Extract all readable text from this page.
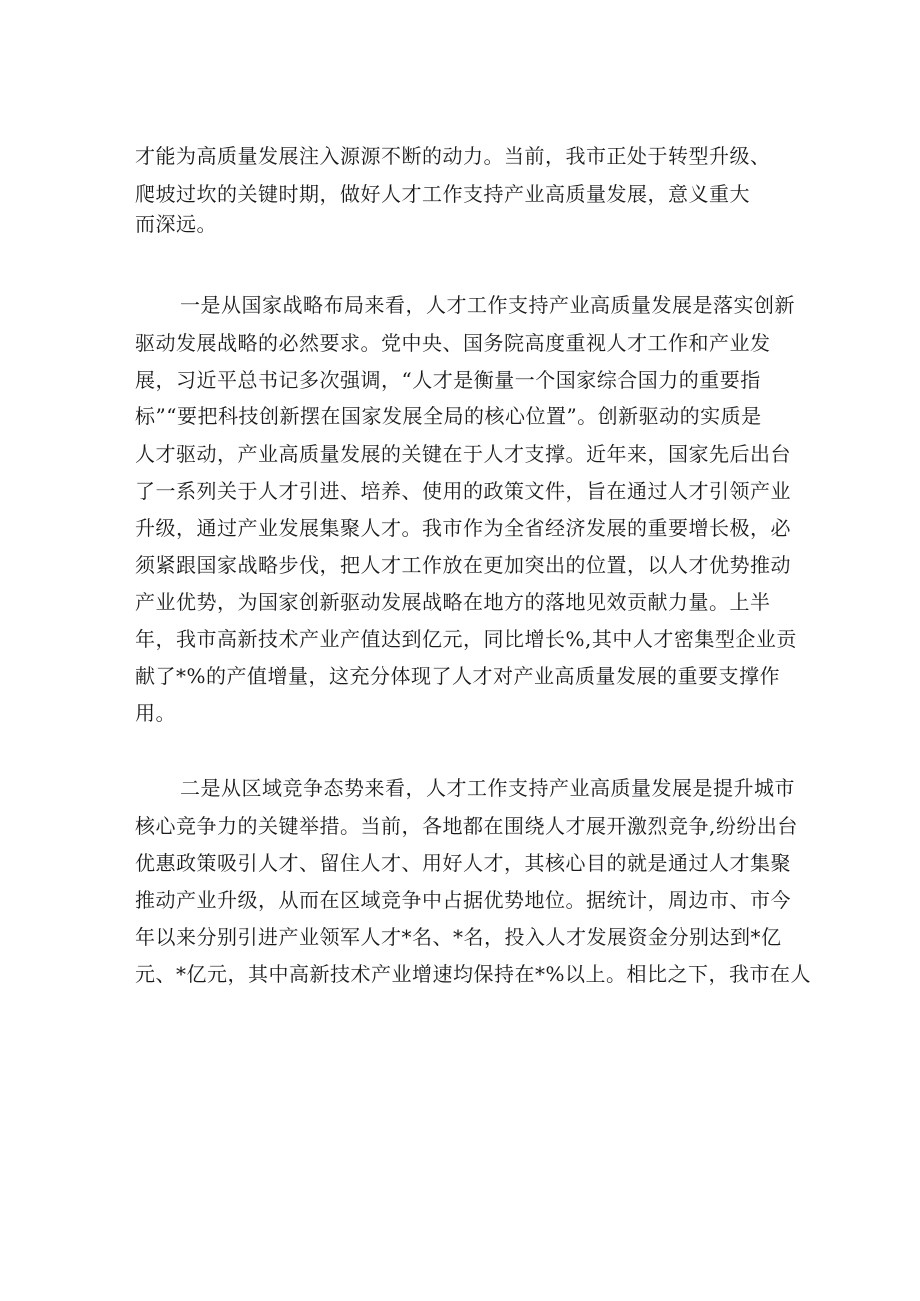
才能为高质量发展注入源源不断的动力。当前，我市正处于转型升级、

爬坡过坎的关键时期，做好人才工作支持产业高质量发展，意义重大

而深远。

一是从国家战略布局来看，人才工作支持产业高质量发展是落实创新

驱动发展战略的必然要求。党中央、国务院高度重视人才工作和产业发

展，习近平总书记多次强调，“人才是衡量一个国家综合国力的重要指

标”“要把科技创新摆在国家发展全局的核心位置”。创新驱动的实质是

人才驱动，产业高质量发展的关键在于人才支撑。近年来，国家先后出台

了一系列关于人才引进、培养、使用的政策文件，旨在通过人才引领产业

升级，通过产业发展集聚人才。我市作为全省经济发展的重要增长极，必

须紧跟国家战略步伐，把人才工作放在更加突出的位置，以人才优势推动

产业优势，为国家创新驱动发展战略在地方的落地见效贡献力量。上半

年，我市高新技术产业产值达到亿元，同比增长%,其中人才密集型企业贡

献了*%的产值增量，这充分体现了人才对产业高质量发展的重要支撑作

用。

二是从区域竞争态势来看，人才工作支持产业高质量发展是提升城市

核心竞争力的关键举措。当前，各地都在围绕人才展开激烈竞争,纷纷出台

优惠政策吸引人才、留住人才、用好人才，其核心目的就是通过人才集聚

推动产业升级，从而在区域竞争中占据优势地位。据统计，周边市、市今

年以来分别引进产业领军人才*名、*名，投入人才发展资金分别达到*亿

元、*亿元，其中高新技术产业增速均保持在*%以上。相比之下，我市在人
